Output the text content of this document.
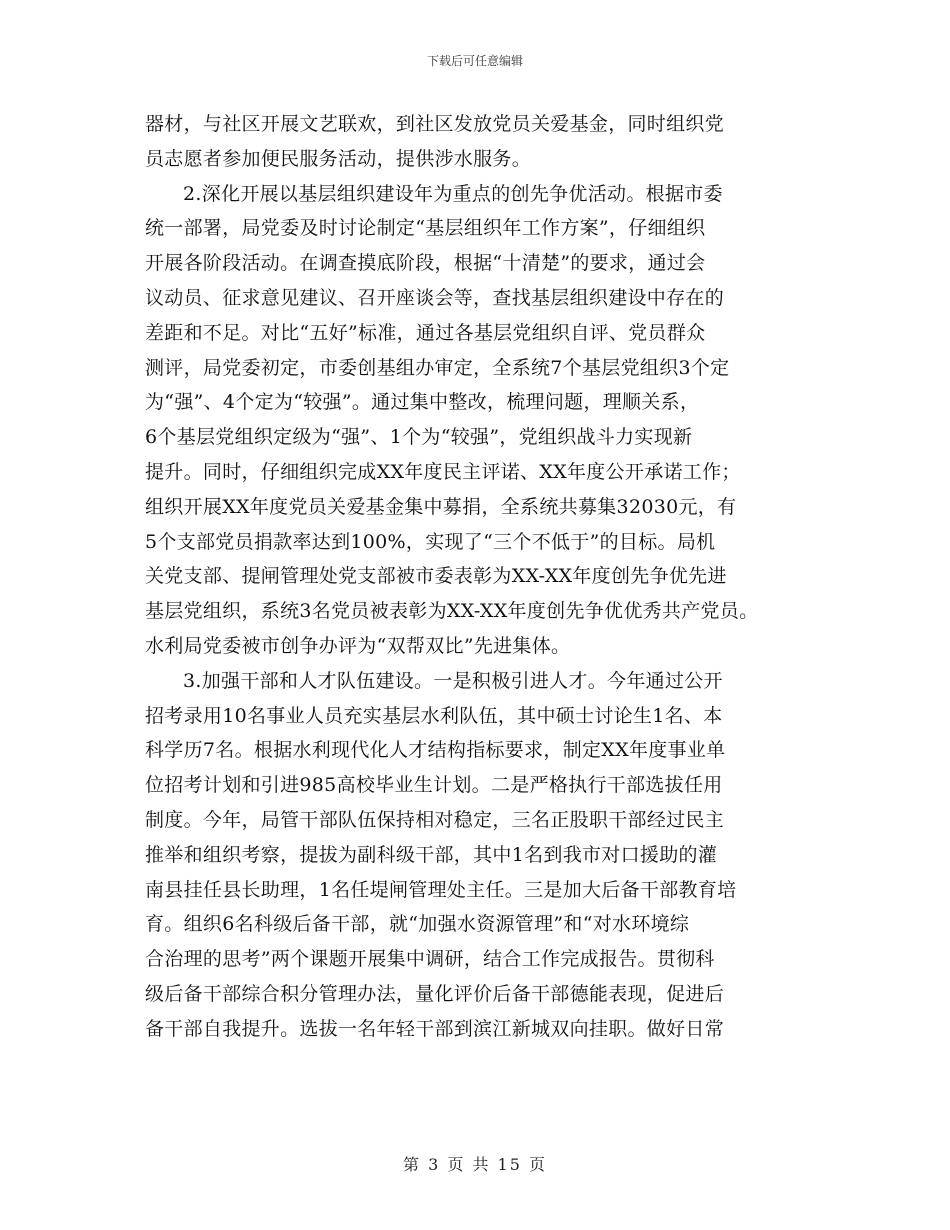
下载后可任意编辑
器材，与社区开展文艺联欢，到社区发放党员关爱基金，同时组织党
员志愿者参加便民服务活动，提供涉水服务。
2.深化开展以基层组织建设年为重点的创先争优活动。根据市委
统一部署，局党委及时讨论制定“基层组织年工作方案”，仔细组织
开展各阶段活动。在调查摸底阶段，根据“十清楚”的要求，通过会
议动员、征求意见建议、召开座谈会等，查找基层组织建设中存在的
差距和不足。对比“五好”标准，通过各基层党组织自评、党员群众
测评，局党委初定，市委创基组办审定，全系统7个基层党组织3个定
为“强”、4个定为“较强”。通过集中整改，梳理问题，理顺关系，
6个基层党组织定级为“强”、1个为“较强”，党组织战斗力实现新
提升。同时，仔细组织完成XX年度民主评诺、XX年度公开承诺工作；
组织开展XX年度党员关爱基金集中募捐，全系统共募集32030元，有
5个支部党员捐款率达到100%，实现了“三个不低于”的目标。局机
关党支部、提闸管理处党支部被市委表彰为XX-XX年度创先争优先进
基层党组织，系统3名党员被表彰为XX-XX年度创先争优优秀共产党员。
水利局党委被市创争办评为“双帮双比”先进集体。
3.加强干部和人才队伍建设。一是积极引进人才。今年通过公开
招考录用10名事业人员充实基层水利队伍，其中硕士讨论生1名、本
科学历7名。根据水利现代化人才结构指标要求，制定XX年度事业单
位招考计划和引进985高校毕业生计划。二是严格执行干部选拔任用
制度。今年，局管干部队伍保持相对稳定，三名正股职干部经过民主
推举和组织考察，提拔为副科级干部，其中1名到我市对口援助的灌
南县挂任县长助理，1名任堤闸管理处主任。三是加大后备干部教育培
育。组织6名科级后备干部，就“加强水资源管理”和“对水环境综
合治理的思考”两个课题开展集中调研，结合工作完成报告。贯彻科
级后备干部综合积分管理办法，量化评价后备干部德能表现，促进后
备干部自我提升。选拔一名年轻干部到滨江新城双向挂职。做好日常
第 3 页 共 15 页
